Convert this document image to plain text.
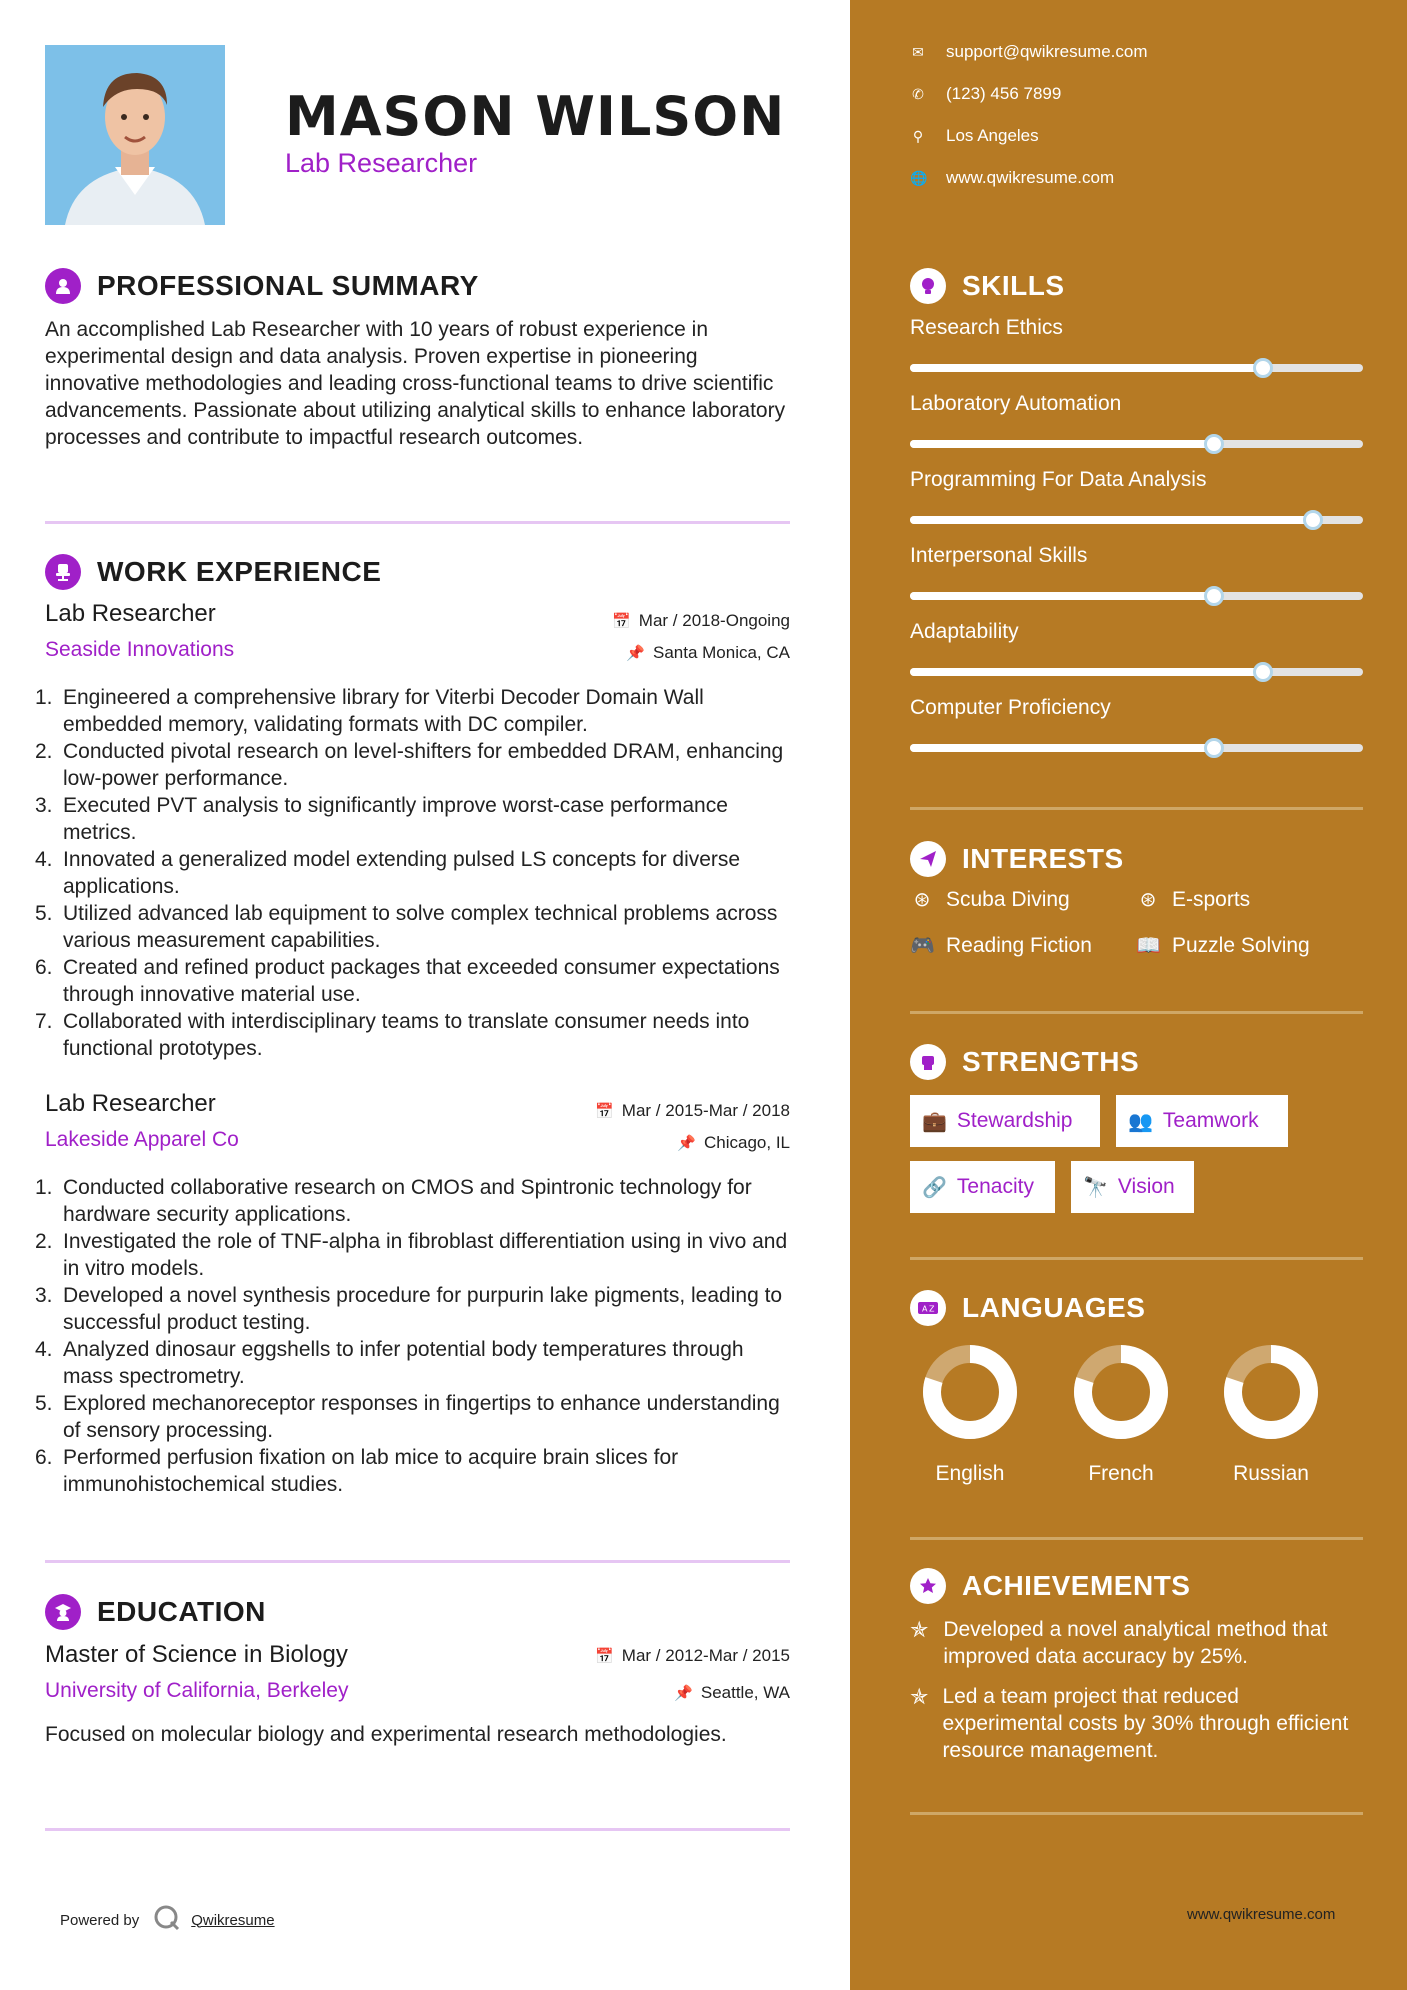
MASON WILSON
Lab Researcher
PROFESSIONAL SUMMARY
An accomplished Lab Researcher with 10 years of robust experience in experimental design and data analysis. Proven expertise in pioneering innovative methodologies and leading cross-functional teams to drive scientific advancements. Passionate about utilizing analytical skills to enhance laboratory processes and contribute to impactful research outcomes.
WORK EXPERIENCE
Lab Researcher	📅 Mar / 2018-Ongoing
Seaside Innovations	📌 Santa Monica, CA
1. Engineered a comprehensive library for Viterbi Decoder Domain Wall embedded memory, validating formats with DC compiler.
2. Conducted pivotal research on level-shifters for embedded DRAM, enhancing low-power performance.
3. Executed PVT analysis to significantly improve worst-case performance metrics.
4. Innovated a generalized model extending pulsed LS concepts for diverse applications.
5. Utilized advanced lab equipment to solve complex technical problems across various measurement capabilities.
6. Created and refined product packages that exceeded consumer expectations through innovative material use.
7. Collaborated with interdisciplinary teams to translate consumer needs into functional prototypes.
Lab Researcher	📅 Mar / 2015-Mar / 2018
Lakeside Apparel Co	📌 Chicago, IL
1. Conducted collaborative research on CMOS and Spintronic technology for hardware security applications.
2. Investigated the role of TNF-alpha in fibroblast differentiation using in vivo and in vitro models.
3. Developed a novel synthesis procedure for purpurin lake pigments, leading to successful product testing.
4. Analyzed dinosaur eggshells to infer potential body temperatures through mass spectrometry.
5. Explored mechanoreceptor responses in fingertips to enhance understanding of sensory processing.
6. Performed perfusion fixation on lab mice to acquire brain slices for immunohistochemical studies.
EDUCATION
Master of Science in Biology	📅 Mar / 2012-Mar / 2015
University of California, Berkeley	📌 Seattle, WA
Focused on molecular biology and experimental research methodologies.
Powered by	Qwikresume
✉ support@qwikresume.com
✆ (123) 456 7899
⚲ Los Angeles
🌐 www.qwikresume.com
SKILLS
Research Ethics
Laboratory Automation
Programming For Data Analysis
Interpersonal Skills
Adaptability
Computer Proficiency
INTERESTS
⊛ Scuba Diving	⊛ E-sports
🎮 Reading Fiction 📖 Puzzle Solving
STRENGTHS
💼 Stewardship	👥 Teamwork
🔗 Tenacity 🔭 Vision
A Z LANGUAGES
English	French	Russian
ACHIEVEMENTS
✯ Developed a novel analytical method that improved data accuracy by 25%.
✯ Led a team project that reduced experimental costs by 30% through efficient resource management.
www.qwikresume.com
